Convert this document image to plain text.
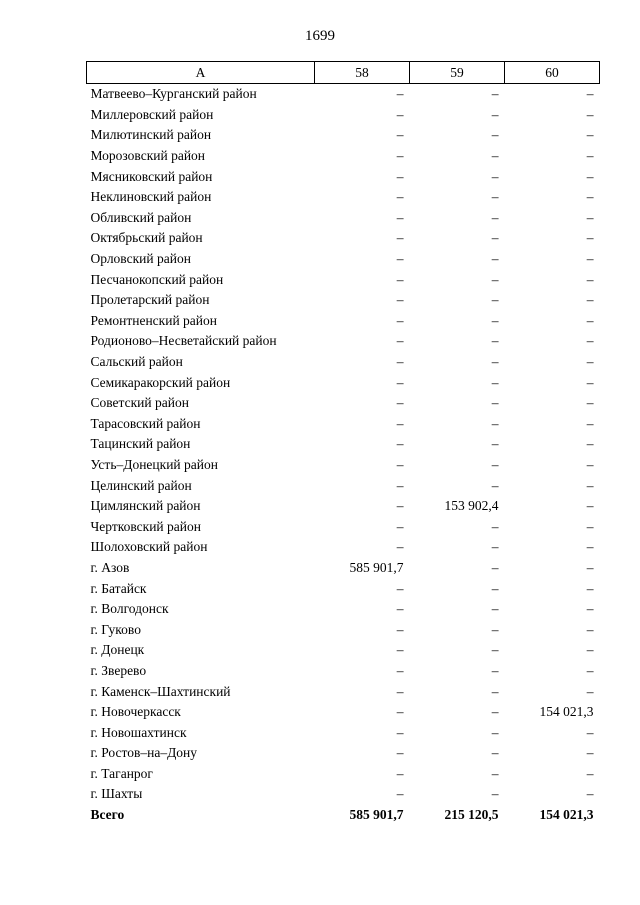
1699
А	58	59	60
Матвеево–Курганский район	–	–	–
Миллеровский район	–	–	–
Милютинский район	–	–	–
Морозовский район	–	–	–
Мясниковский район	–	–	–
Неклиновский район	–	–	–
Обливский район	–	–	–
Октябрьский район	–	–	–
Орловский район	–	–	–
Песчанокопский район	–	–	–
Пролетарский район	–	–	–
Ремонтненский район	–	–	–
Родионово–Несветайский район	–	–	–
Сальский район	–	–	–
Семикаракорский район	–	–	–
Советский район	–	–	–
Тарасовский район	–	–	–
Тацинский район	–	–	–
Усть–Донецкий район	–	–	–
Целинский район	–	–	–
Цимлянский район	–	153 902,4	–
Чертковский район	–	–	–
Шолоховский район	–	–	–
г. Азов	585 901,7	–	–
г. Батайск	–	–	–
г. Волгодонск	–	–	–
г. Гуково	–	–	–
г. Донецк	–	–	–
г. Зверево	–	–	–
г. Каменск–Шахтинский	–	–	–
г. Новочеркасск	–	–	154 021,3
г. Новошахтинск	–	–	–
г. Ростов–на–Дону	–	–	–
г. Таганрог	–	–	–
г. Шахты	–	–	–
Всего	585 901,7	215 120,5	154 021,3
